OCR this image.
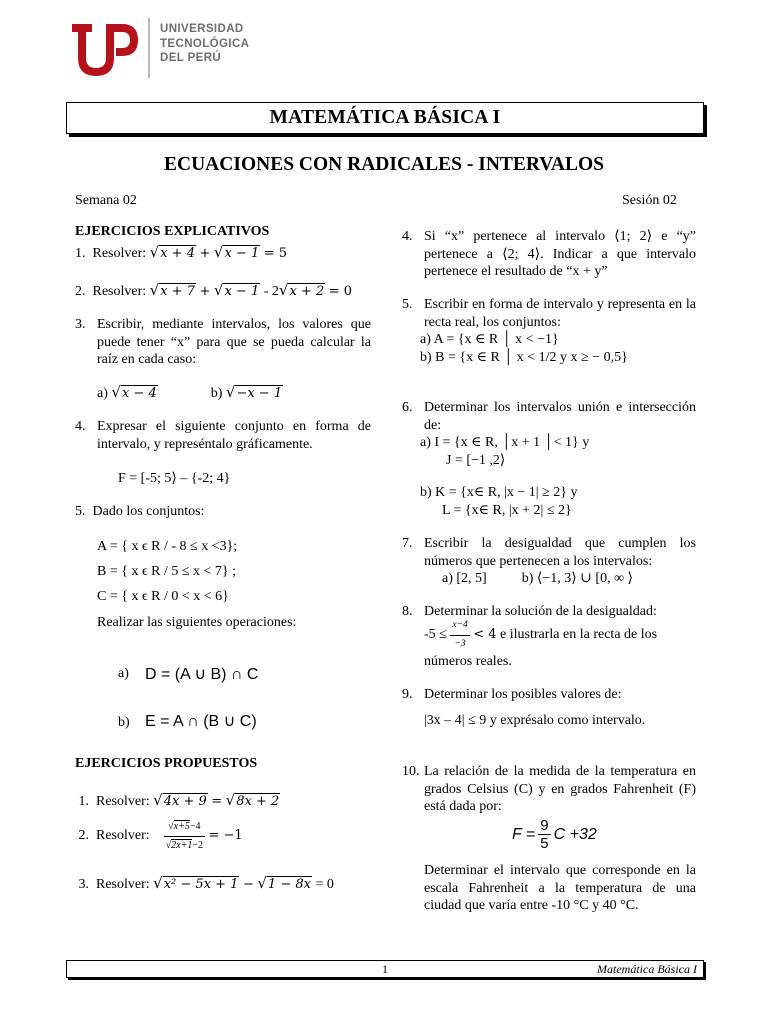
UNIVERSIDAD
TECNOLÓGICA
DEL PERÚ
MATEMÁTICA BÁSICA I
ECUACIONES CON RADICALES - INTERVALOS
Semana 02	Sesión 02
EJERCICIOS EXPLICATIVOS
1. Resolver: √x + 4 + √x − 1 = 5
2. Resolver: √x + 7 + √x − 1 - 2√x + 2 = 0
3. Escribir, mediante intervalos, los valores que puede tener “x” para que se pueda calcular la raíz en cada caso:
a) √x − 4	b) √−x − 1
4. Expresar el siguiente conjunto en forma de intervalo, y represéntalo gráficamente.
F = [-5; 5⟩ – {-2; 4}
5. Dado los conjuntos:
A = { x ϵ R / - 8 ≤ x <3};
B = { x ϵ R / 5 ≤ x < 7} ;
C = { x ϵ R / 0 < x < 6}
Realizar las siguientes operaciones:
a) D = (A ∪ B) ∩ C
b) E = A ∩ (B ∪ C)
EJERCICIOS PROPUESTOS
1. Resolver: √4x + 9 = √8x + 2
2. Resolver: $\frac{√x+5-4}{√2x+1-2} = -1$
3. Resolver: √x² − 5x + 1 − √1 − 8x = 0
4. Si “x” pertenece al intervalo ⟨1; 2⟩ e “y” pertenece a ⟨2; 4⟩. Indicar a que intervalo pertenece el resultado de “x + y”
5. Escribir en forma de intervalo y representa en la recta real, los conjuntos:
a) A = {x ∈ R │ x < −1}
b) B = {x ∈ R │ x < 1/2 y x ≥ − 0,5}
6. Determinar los intervalos unión e intersección de:
a) I = {x ∈ R, │x + 1 │< 1} y
J = [−1 ,2⟩
b) K = {x∈ R, |x − 1| ≥ 2} y
L = {x∈ R, |x + 2| ≤ 2}
7. Escribir la desigualdad que cumplen los números que pertenecen a los intervalos:
a) [2, 5]          b) ⟨−1, 3⟩ ∪ [0, ∞ ⟩
8. Determinar la solución de la desigualdad:
$-5 \le \frac{x-4}{-3} < 4$ e ilustrarla en la recta de los números reales.
9. Determinar los posibles valores de:
|3x – 4| ≤ 9 y exprésalo como intervalo.
10. La relación de la medida de la temperatura en grados Celsius (C) y en grados Fahrenheit (F) está dada por:
$F = \frac{9}{5}$ C +32
Determinar el intervalo que corresponde en la escala Fahrenheit a la temperatura de una ciudad que varía entre -10 °C y 40 °C.
1	Matemática Básica I
